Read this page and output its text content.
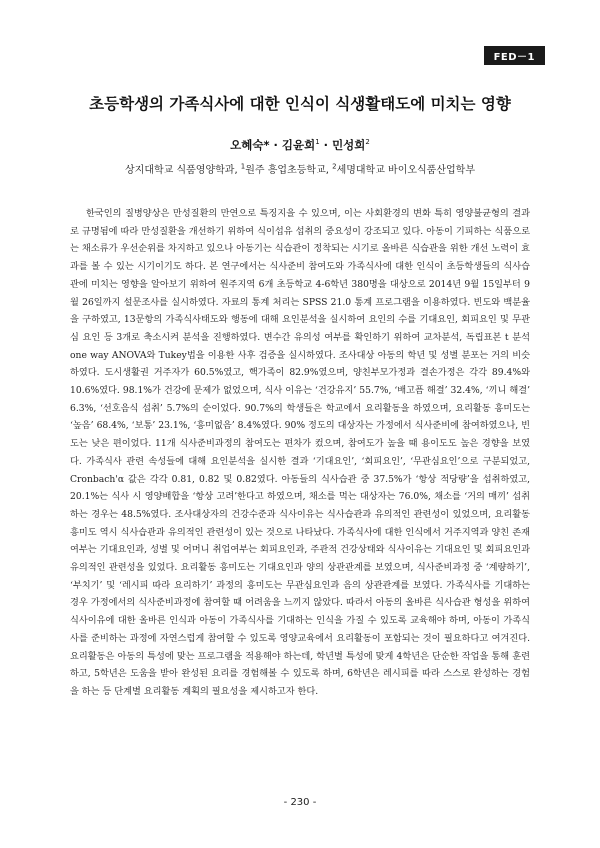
FED－1
초등학생의 가족식사에 대한 인식이 식생활태도에 미치는 영향
오혜숙* · 김윤희$^1$ · 민성희$^2$
상지대학교 식품영양학과, $^1$원주 흥업초등학교, $^2$세명대학교 바이오식품산업학부

한국인의 질병양상은 만성질환의 만연으로 특징지을 수 있으며, 이는 사회환경의 변화 특히 영양불균형의 결과로 규명됨에 따라 만성질환을 개선하기 위하여 식이섭유 섭취의 중요성이 강조되고 있다. 아동이 기피하는 식품으로는 채소류가 우선순위를 차지하고 있으나 아동기는 식습관이 정착되는 시기로 올바른 식습관을 위한 개선 노력이 효과를 볼 수 있는 시기이기도 하다. 본 연구에서는 식사준비 참여도와 가족식사에 대한 인식이 초등학생들의 식사습관에 미치는 영향을 알아보기 위하여 원주지역 6개 초등학교 4-6학년 380명을 대상으로 2014년 9월 15일부터 9월 26일까지 설문조사를 실시하였다. 자료의 통계 처리는 SPSS 21.0 통계 프로그램을 이용하였다. 빈도와 백분율을 구하였고, 13문항의 가족식사태도와 행동에 대해 요인분석을 실시하여 요인의 수를 기대요인, 회피요인 및 무관심 요인 등 3개로 축소시켜 분석을 진행하였다. 변수간 유의성 여부를 확인하기 위하여 교차분석, 독립표본 t 분석 one way ANOVA와 Tukey법을 이용한 사후 검증을 실시하였다. 조사대상 아동의 학년 및 성별 분포는 거의 비슷하였다. 도시생활권 거주자가 60.5%였고, 핵가족이 82.9%였으며, 양친부모가정과 결손가정은 각각 89.4%와 10.6%였다. 98.1%가 건강에 문제가 없었으며, 식사 이유는 ‘건강유지’ 55.7%, ‘배고픔 해결’ 32.4%, ‘끼니 해결’ 6.3%, ‘선호음식 섭취’ 5.7%의 순이었다. 90.7%의 학생들은 학교에서 요리활동을 하였으며, 요리활동 흥미도는 ‘높음’ 68.4%, ‘보통’ 23.1%, ‘흥미없음’ 8.4%였다. 90% 정도의 대상자는 가정에서 식사준비에 참여하였으나, 빈도는 낮은 편이었다. 11개 식사준비과정의 참여도는 편차가 컸으며, 참여도가 높을 때 용이도도 높은 경향을 보였다. 가족식사 관련 속성들에 대해 요인분석을 실시한 결과 ‘기대요인’, ‘회피요인’, ‘무관심요인’으로 구분되었고, Cronbach'α 값은 각각 0.81, 0.82 및 0.82였다. 아동들의 식사습관 중 37.5%가 ‘항상 적당량’을 섭취하였고, 20.1%는 식사 시 영양배합을 ‘항상 고려’한다고 하였으며, 채소를 먹는 대상자는 76.0%, 채소를 ‘거의 매끼’ 섭취하는 경우는 48.5%였다. 조사대상자의 건강수준과 식사이유는 식사습관과 유의적인 관련성이 있었으며, 요리활동 흥미도 역시 식사습관과 유의적인 관련성이 있는 것으로 나타났다. 가족식사에 대한 인식에서 거주지역과 양친 존재여부는 기대요인과, 성별 및 어머니 취업여부는 회피요인과, 주관적 건강상태와 식사이유는 기대요인 및 회피요인과 유의적인 관련성을 있었다. 요리활동 흥미도는 기대요인과 양의 상관관계를 보였으며, 식사준비과정 중 ‘계량하기’, ‘부치기’ 및 ‘레시피 따라 요리하기’ 과정의 흥미도는 무관심요인과 음의 상관관계를 보였다. 가족식사를 기대하는 경우 가정에서의 식사준비과정에 참여할 때 어려움을 느끼지 않았다. 따라서 아동의 올바른 식사습관 형성을 위하여 식사이유에 대한 올바른 인식과 아동이 가족식사를 기대하는 인식을 가질 수 있도록 교육해야 하며, 아동이 가족식사를 준비하는 과정에 자연스럽게 참여할 수 있도록 영양교육에서 요리활동이 포함되는 것이 필요하다고 여겨진다. 요리활동은 아동의 특성에 맞는 프로그램을 적용해야 하는데, 학년별 특성에 맞게 4학년은 단순한 작업을 통해 훈련하고, 5학년은 도움을 받아 완성된 요리를 경험해볼 수 있도록 하며, 6학년은 레시피를 따라 스스로 완성하는 경험을 하는 등 단계별 요리활동 계획의 필요성을 제시하고자 한다.

- 230 -
